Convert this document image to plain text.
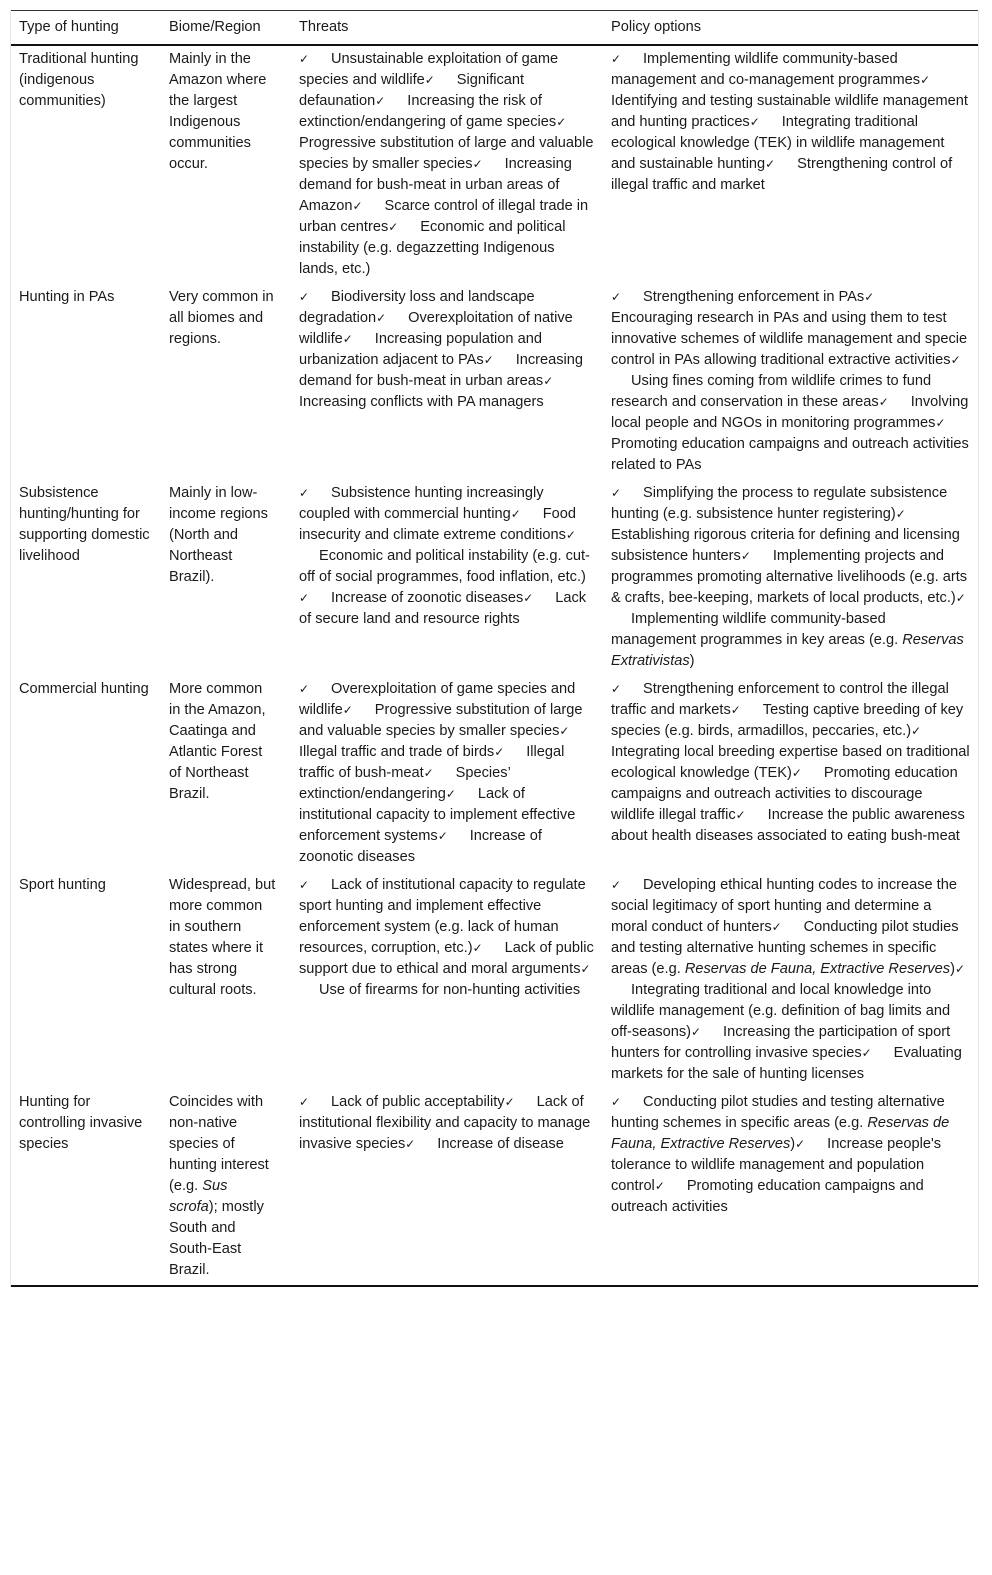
Type of hunting	Biome/Region	Threats	Policy options
Traditional hunting (indigenous communities)	Mainly in the Amazon where the largest Indigenous communities occur.	✓ Unsustainable exploitation of game species and wildlife✓ Significant defaunation✓ Increasing the risk of extinction/endangering of game species✓Progressive substitution of large and valuable species by smaller species✓ Increasing demand for bush-meat in urban areas of Amazon✓ Scarce control of illegal trade in urban centres✓ Economic and political instability (e.g. degazzetting Indigenous lands, etc.)	✓ Implementing wildlife community-based management and co-management programmes✓Identifying and testing sustainable wildlife management and hunting practices✓ Integrating traditional ecological knowledge (TEK) in wildlife management and sustainable hunting✓ Strengthening control of illegal traffic and market
Hunting in PAs	Very common in all biomes and regions.	✓ Biodiversity loss and landscape degradation✓ Overexploitation of native wildlife✓ Increasing population and urbanization adjacent to PAs✓ Increasing demand for bush-meat in urban areas✓Increasing conflicts with PA managers	✓ Strengthening enforcement in PAs✓Encouraging research in PAs and using them to test innovative schemes of wildlife management and specie control in PAs allowing traditional extractive activities✓Using fines coming from wildlife crimes to fund research and conservation in these areas✓ Involving local people and NGOs in monitoring programmes✓Promoting education campaigns and outreach activities related to PAs
Subsistence hunting/hunting for supporting domestic livelihood	Mainly in low-income regions (North and Northeast Brazil).	✓ Subsistence hunting increasingly coupled with commercial hunting✓ Food insecurity and climate extreme conditions✓Economic and political instability (e.g. cut-off of social programmes, food inflation, etc.)✓ Increase of zoonotic diseases✓ Lack of secure land and resource rights	✓ Simplifying the process to regulate subsistence hunting (e.g. subsistence hunter registering)✓Establishing rigorous criteria for defining and licensing subsistence hunters✓ Implementing projects and programmes promoting alternative livelihoods (e.g. arts & crafts, bee-keeping, markets of local products, etc.)✓Implementing wildlife community-based management programmes in key areas (e.g. Reservas Extrativistas)
Commercial hunting	More common in the Amazon, Caatinga and Atlantic Forest of Northeast Brazil.	✓ Overexploitation of game species and wildlife✓ Progressive substitution of large and valuable species by smaller species✓Illegal traffic and trade of birds✓ Illegal traffic of bush-meat✓ Species’ extinction/endangering✓ Lack of institutional capacity to implement effective enforcement systems✓ Increase of zoonotic diseases	✓ Strengthening enforcement to control the illegal traffic and markets✓ Testing captive breeding of key species (e.g. birds, armadillos, peccaries, etc.)✓Integrating local breeding expertise based on traditional ecological knowledge (TEK)✓ Promoting education campaigns and outreach activities to discourage wildlife illegal traffic✓ Increase the public awareness about health diseases associated to eating bush-meat
Sport hunting	Widespread, but more common in southern states where it has strong cultural roots.	✓ Lack of institutional capacity to regulate sport hunting and implement effective enforcement system (e.g. lack of human resources, corruption, etc.)✓ Lack of public support due to ethical and moral arguments✓Use of firearms for non-hunting activities	✓ Developing ethical hunting codes to increase the social legitimacy of sport hunting and determine a moral conduct of hunters✓ Conducting pilot studies and testing alternative hunting schemes in specific areas (e.g. Reservas de Fauna, Extractive Reserves)✓Integrating traditional and local knowledge into wildlife management (e.g. definition of bag limits and off-seasons)✓ Increasing the participation of sport hunters for controlling invasive species✓ Evaluating markets for the sale of hunting licenses
Hunting for controlling invasive species	Coincides with non-native species of hunting interest (e.g. Sus scrofa); mostly South and South-East Brazil.	✓ Lack of public acceptability✓ Lack of institutional flexibility and capacity to manage invasive species✓ Increase of disease	✓ Conducting pilot studies and testing alternative hunting schemes in specific areas (e.g. Reservas de Fauna, Extractive Reserves)✓ Increase people's tolerance to wildlife management and population control✓ Promoting education campaigns and outreach activities
